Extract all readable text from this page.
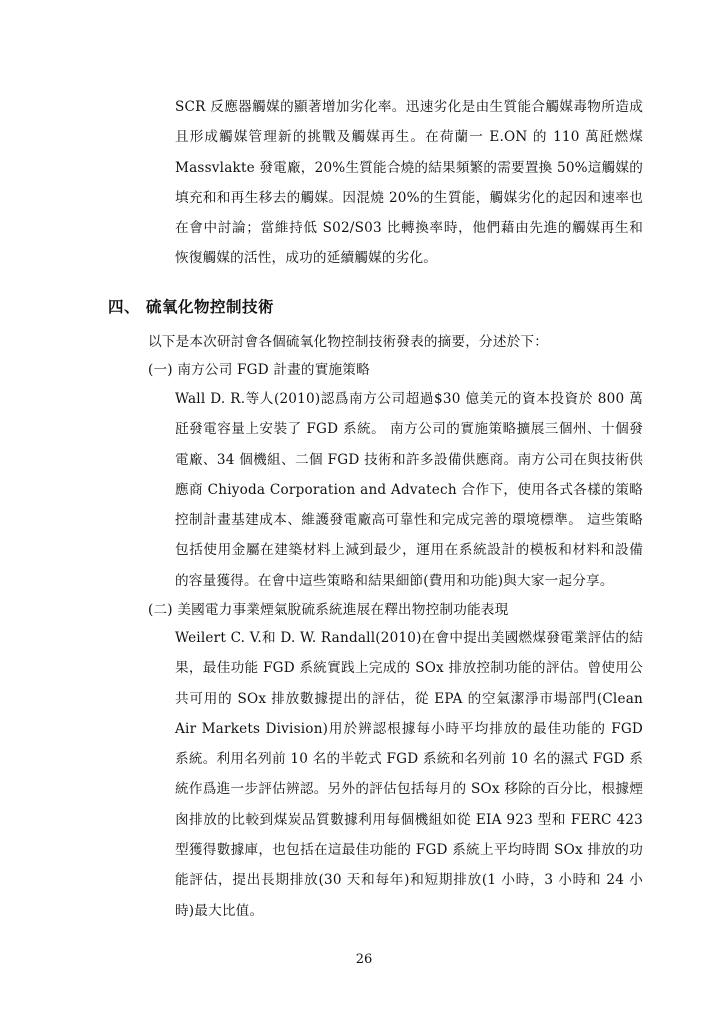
SCR 反應器觸媒的顯著增加劣化率。迅速劣化是由生質能合觸媒毒物所造成且形成觸媒管理新的挑戰及觸媒再生。在荷蘭一 E.ON 的 110 萬瓩燃煤 Massvlakte 發電廠，20%生質能合燒的結果頻繁的需要置換 50%這觸媒的填充和和再生移去的觸媒。因混燒 20%的生質能，觸媒劣化的起因和速率也在會中討論；當維持低 S02/S03 比轉換率時，他們藉由先進的觸媒再生和恢復觸媒的活性，成功的延續觸媒的劣化。

四、 硫氧化物控制技術

以下是本次研討會各個硫氧化物控制技術發表的摘要，分述於下：

(一) 南方公司 FGD 計畫的實施策略

Wall D. R.等人(2010)認爲南方公司超過$30 億美元的資本投資於 800 萬瓩發電容量上安裝了 FGD 系統。 南方公司的實施策略擴展三個州、十個發電廠、34 個機組、二個 FGD 技術和許多設備供應商。南方公司在與技術供應商 Chiyoda Corporation and Advatech 合作下，使用各式各樣的策略控制計畫基建成本、維護發電廠高可靠性和完成完善的環境標準。 這些策略包括使用金屬在建築材料上減到最少，運用在系統設計的模板和材料和設備的容量獲得。在會中這些策略和結果細節(費用和功能)與大家一起分享。

(二) 美國電力事業煙氣脫硫系統進展在釋出物控制功能表現

Weilert C. V.和 D. W. Randall(2010)在會中提出美國燃煤發電業評估的結果，最佳功能 FGD 系統實践上完成的 SOx 排放控制功能的評估。曾使用公共可用的 SOx 排放數據提出的評估，從 EPA 的空氣潔淨市場部門(Clean Air Markets Division)用於辨認根據每小時平均排放的最佳功能的 FGD 系統。利用名列前 10 名的半乾式 FGD 系統和名列前 10 名的濕式 FGD 系統作爲進一步評估辨認。另外的評估包括每月的 SOx 移除的百分比，根據煙囪排放的比較到煤炭品質數據利用每個機組如從 EIA 923 型和 FERC 423 型獲得數據庫，也包括在這最佳功能的 FGD 系統上平均時間 SOx 排放的功能評估，提出長期排放(30 天和每年)和短期排放(1 小時，3 小時和 24 小時)最大比值。

26
